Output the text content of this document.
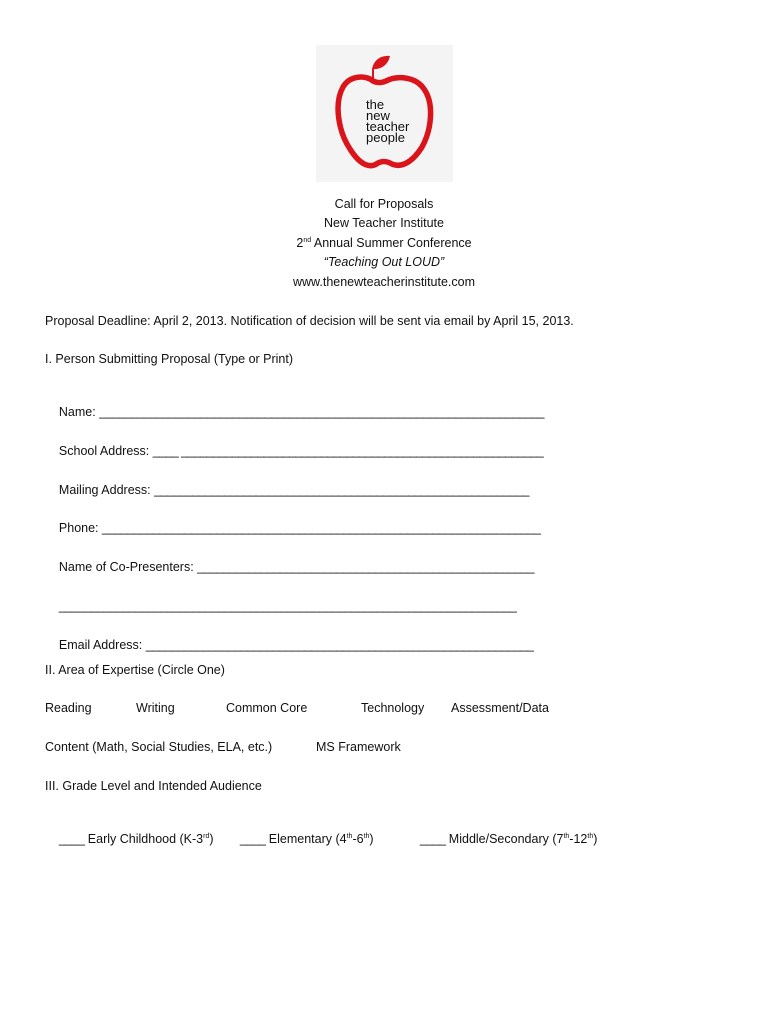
the
new
teacher
people
Call for Proposals
New Teacher Institute
2nd Annual Summer Conference
“Teaching Out LOUD”
www.thenewteacherinstitute.com
Proposal Deadline: April 2, 2013. Notification of decision will be sent via email by April 15, 2013.
I. Person Submitting Proposal (Type or Print)

Name: ______________________________________________________________________

School Address: ____ _________________________________________________________

Mailing Address: ___________________________________________________________

Phone: _____________________________________________________________________

Name of Co-Presenters: _____________________________________________________

________________________________________________________________________

Email Address: _____________________________________________________________

II. Area of Expertise (Circle One)
Reading	Writing	Common Core	Technology Assessment/Data
Content (Math, Social Studies, ELA, etc.)	MS Framework
III. Grade Level and Intended Audience

____ Early Childhood (K-3rd)
	____ Elementary (4th-6th)
	____ Middle/Secondary (7th-12th)
